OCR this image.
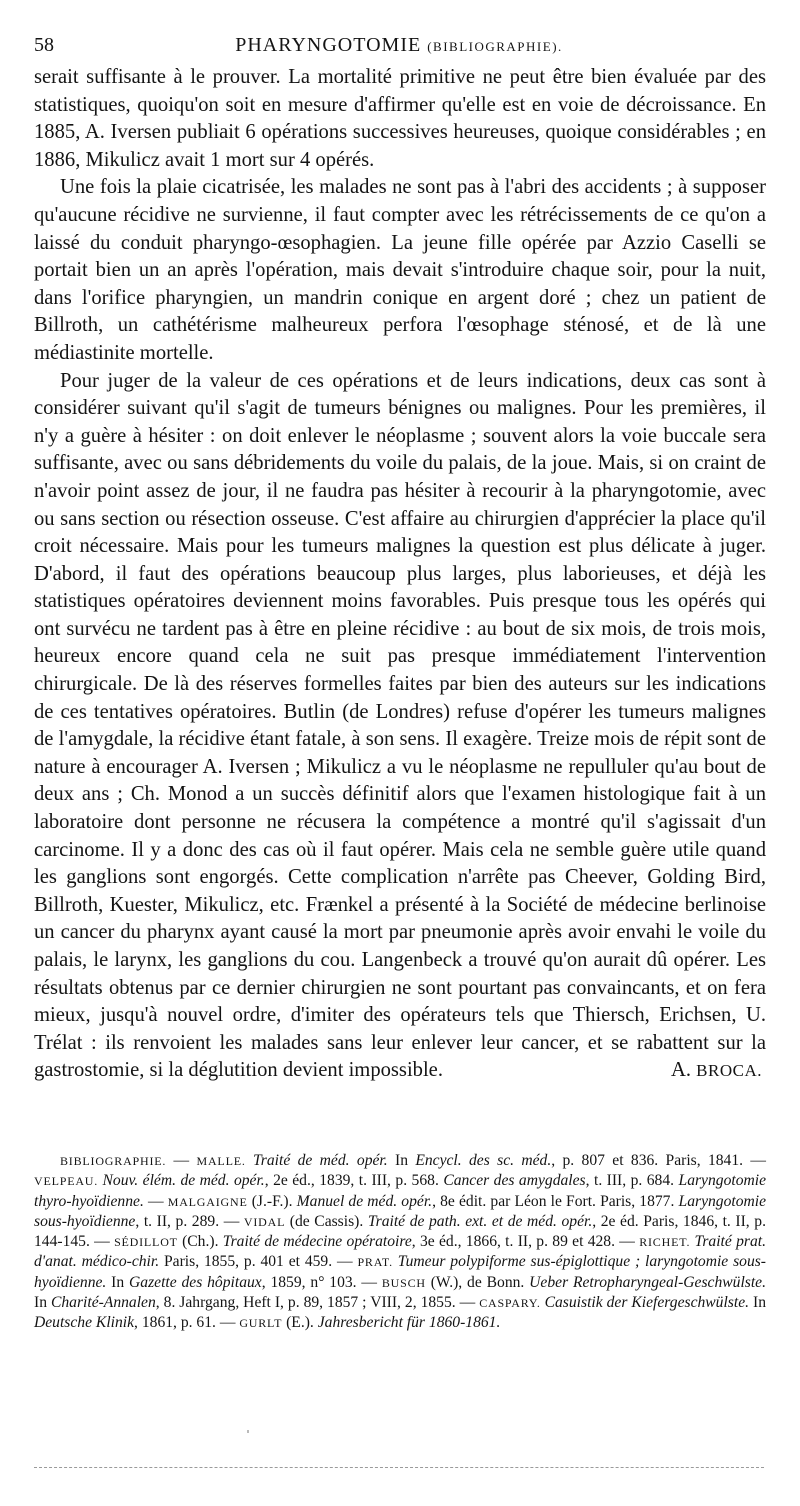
58	PHARYNGOTOMIE (BIBLIOGRAPHIE).

serait suffisante à le prouver. La mortalité primitive ne peut être bien évaluée par des statistiques, quoiqu'on soit en mesure d'affirmer qu'elle est en voie de décroissance. En 1885, A. Iversen publiait 6 opérations successives heureuses, quoique considérables ; en 1886, Mikulicz avait 1 mort sur 4 opérés.

Une fois la plaie cicatrisée, les malades ne sont pas à l'abri des accidents ; à supposer qu'aucune récidive ne survienne, il faut compter avec les rétrécissements de ce qu'on a laissé du conduit pharyngo-œsophagien. La jeune fille opérée par Azzio Caselli se portait bien un an après l'opération, mais devait s'introduire chaque soir, pour la nuit, dans l'orifice pharyngien, un mandrin conique en argent doré ; chez un patient de Billroth, un cathétérisme malheureux perfora l'œsophage sténosé, et de là une médiastinite mortelle.

Pour juger de la valeur de ces opérations et de leurs indications, deux cas sont à considérer suivant qu'il s'agit de tumeurs bénignes ou malignes. Pour les premières, il n'y a guère à hésiter : on doit enlever le néoplasme ; souvent alors la voie buccale sera suffisante, avec ou sans débridements du voile du palais, de la joue. Mais, si on craint de n'avoir point assez de jour, il ne faudra pas hésiter à recourir à la pharyngotomie, avec ou sans section ou résection osseuse. C'est affaire au chirurgien d'apprécier la place qu'il croit nécessaire. Mais pour les tumeurs malignes la question est plus délicate à juger. D'abord, il faut des opérations beaucoup plus larges, plus laborieuses, et déjà les statistiques opératoires deviennent moins favorables. Puis presque tous les opérés qui ont survécu ne tardent pas à être en pleine récidive : au bout de six mois, de trois mois, heureux encore quand cela ne suit pas presque immédiatement l'intervention chirurgicale. De là des réserves formelles faites par bien des auteurs sur les indications de ces tentatives opératoires. Butlin (de Londres) refuse d'opérer les tumeurs malignes de l'amygdale, la récidive étant fatale, à son sens. Il exagère. Treize mois de répit sont de nature à encourager A. Iversen ; Mikulicz a vu le néoplasme ne repulluler qu'au bout de deux ans ; Ch. Monod a un succès définitif alors que l'examen histologique fait à un laboratoire dont personne ne récusera la compétence a montré qu'il s'agissait d'un carcinome. Il y a donc des cas où il faut opérer. Mais cela ne semble guère utile quand les ganglions sont engorgés. Cette complication n'arrête pas Cheever, Golding Bird, Billroth, Kuester, Mikulicz, etc. Frænkel a présenté à la Société de médecine berlinoise un cancer du pharynx ayant causé la mort par pneumonie après avoir envahi le voile du palais, le larynx, les ganglions du cou. Langenbeck a trouvé qu'on aurait dû opérer. Les résultats obtenus par ce dernier chirurgien ne sont pourtant pas convaincants, et on fera mieux, jusqu'à nouvel ordre, d'imiter des opérateurs tels que Thiersch, Erichsen, U. Trélat : ils renvoient les malades sans leur enlever leur cancer, et se rabattent sur la gastrostomie, si la déglutition devient impossible.	A. BROCA.

BIBLIOGRAPHIE. — MALLE. Traité de méd. opér. In Encycl. des sc. méd., p. 807 et 836. Paris, 1841. — VELPEAU. Nouv. élém. de méd. opér., 2e éd., 1839, t. III, p. 568. Cancer des amygdales, t. III, p. 684. Laryngotomie thyro-hyoïdienne. — MALGAIGNE (J.-F.). Manuel de méd. opér., 8e édit. par Léon le Fort. Paris, 1877. Laryngotomie sous-hyoïdienne, t. II, p. 289. — VIDAL (de Cassis). Traité de path. ext. et de méd. opér., 2e éd. Paris, 1846, t. II, p. 144-145. — SÉDILLOT (Ch.). Traité de médecine opératoire, 3e éd., 1866, t. II, p. 89 et 428. — RICHET. Traité prat. d'anat. médico-chir. Paris, 1855, p. 401 et 459. — PRAT. Tumeur polypiforme sus-épiglottique ; laryngotomie sous-hyoïdienne. In Gazette des hôpitaux, 1859, n° 103. — BUSCH (W.), de Bonn. Ueber Retropharyngeal-Geschwülste. In Charité-Annalen, 8. Jahrgang, Heft I, p. 89, 1857 ; VIII, 2, 1855. — CASPARY. Casuistik der Kiefergeschwülste. In Deutsche Klinik, 1861, p. 61. — GURLT (E.). Jahresbericht für 1860-1861.
